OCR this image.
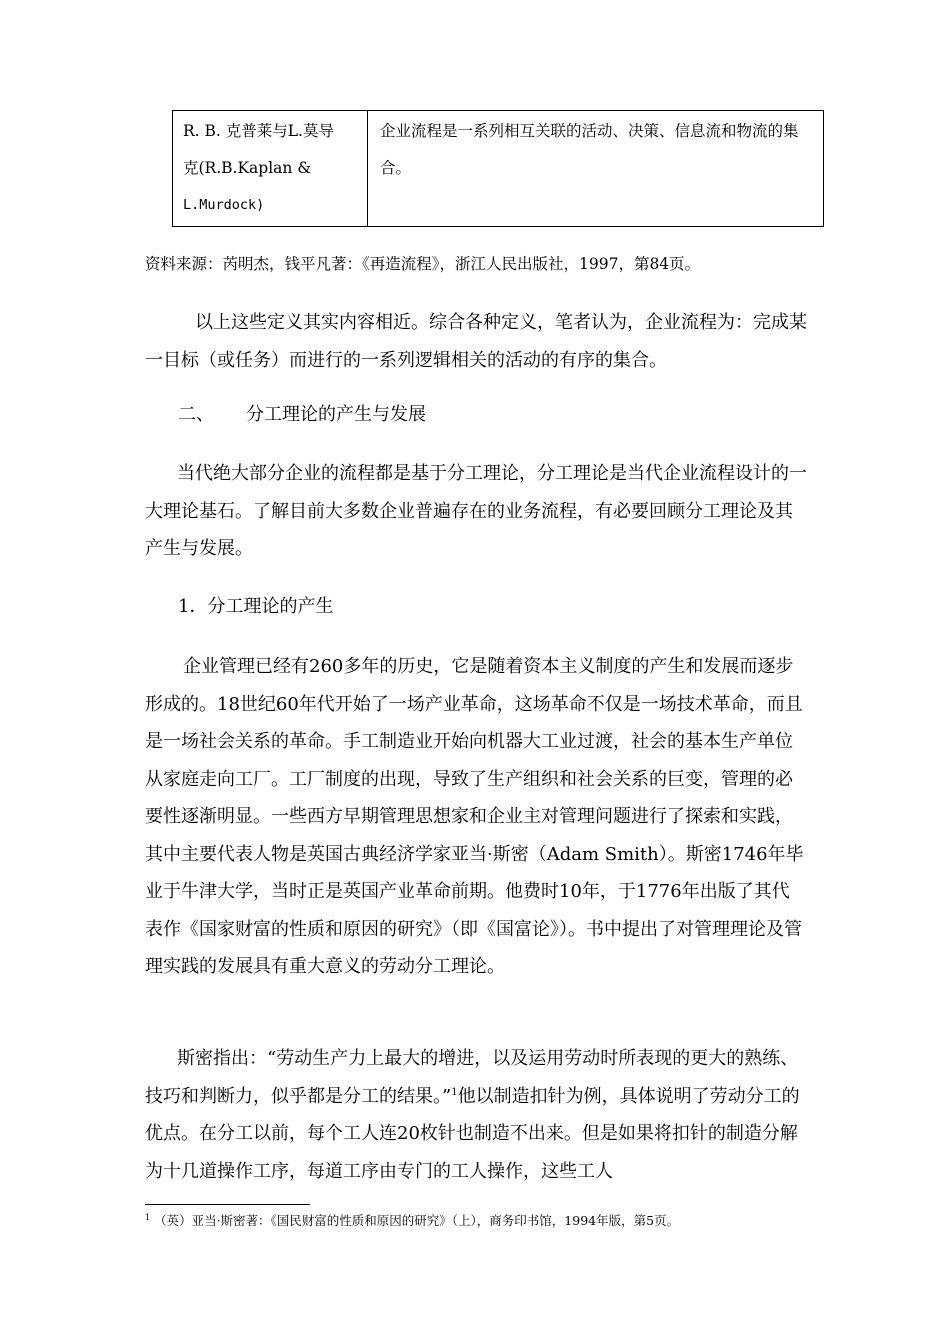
R. B. 克普莱与L.莫导
克(R.B.Kaplan &
L.Murdock)
	企业流程是一系列相互关联的活动、决策、信息流和物流的集合。
资料来源：芮明杰，钱平凡著：《再造流程》，浙江人民出版社，1997，第84页。

以上这些定义其实内容相近。综合各种定义，笔者认为，企业流程为：完成某一目标（或任务）而进行的一系列逻辑相关的活动的有序的集合。

二、 分工理论的产生与发展

当代绝大部分企业的流程都是基于分工理论，分工理论是当代企业流程设计的一大理论基石。了解目前大多数企业普遍存在的业务流程，有必要回顾分工理论及其产生与发展。

1．分工理论的产生

企业管理已经有260多年的历史，它是随着资本主义制度的产生和发展而逐步形成的。18世纪60年代开始了一场产业革命，这场革命不仅是一场技术革命，而且是一场社会关系的革命。手工制造业开始向机器大工业过渡，社会的基本生产单位从家庭走向工厂。工厂制度的出现，导致了生产组织和社会关系的巨变，管理的必要性逐渐明显。一些西方早期管理思想家和企业主对管理问题进行了探索和实践，其中主要代表人物是英国古典经济学家亚当·斯密（Adam Smith）。斯密1746年毕业于牛津大学，当时正是英国产业革命前期。他费时10年，于1776年出版了其代表作《国家财富的性质和原因的研究》（即《国富论》）。书中提出了对管理理论及管理实践的发展具有重大意义的劳动分工理论。

斯密指出：“劳动生产力上最大的增进，以及运用劳动时所表现的更大的熟练、技巧和判断力，似乎都是分工的结果。”$^1$他以制造扣针为例，具体说明了劳动分工的优点。在分工以前，每个工人连20枚针也制造不出来。但是如果将扣针的制造分解为十几道操作工序，每道工序由专门的工人操作，这些工人

$^1$ （英）亚当·斯密著：《国民财富的性质和原因的研究》（上），商务印书馆，1994年版，第5页。
